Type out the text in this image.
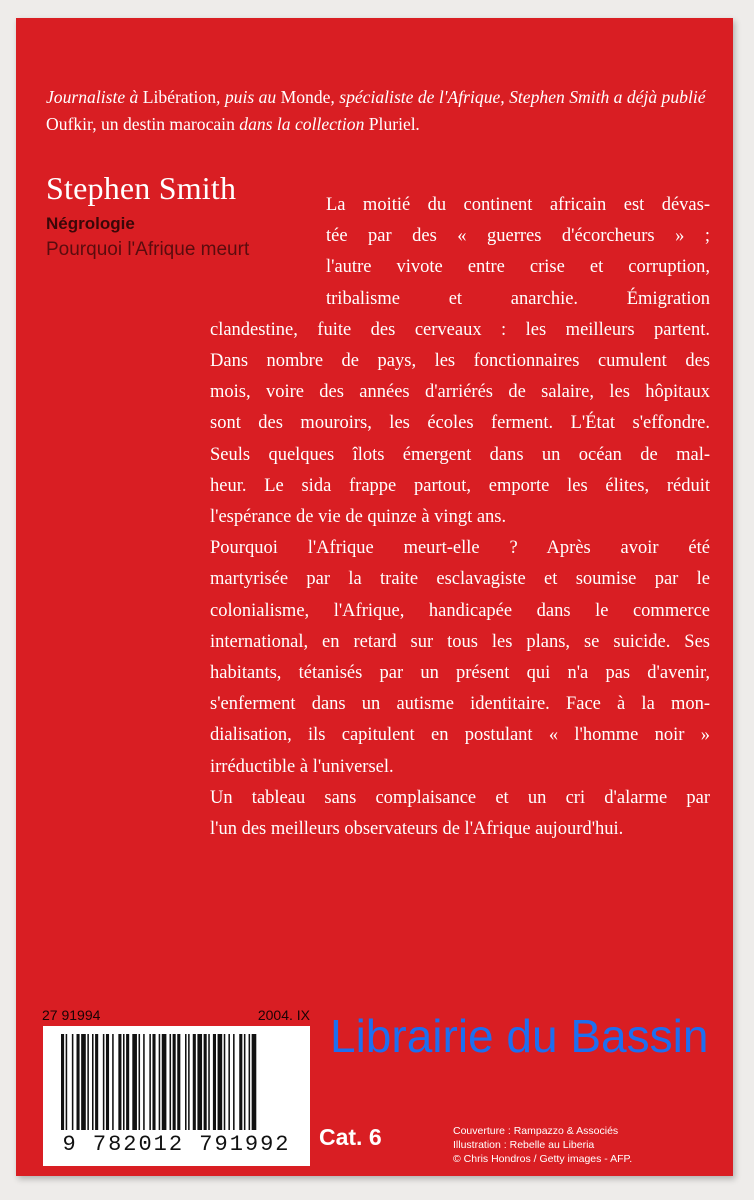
Journaliste à Libération, puis au Monde, spécialiste de l'Afrique, Stephen Smith a déjà publié Oufkir, un destin marocain dans la collection Pluriel.
Stephen Smith
Négrologie
Pourquoi l'Afrique meurt
La moitié du continent africain est dévas-
tée par des « guerres d'écorcheurs » ;
l'autre vivote entre crise et corruption,
tribalisme et anarchie. Émigration
clandestine, fuite des cerveaux : les meilleurs partent.
Dans nombre de pays, les fonctionnaires cumulent des
mois, voire des années d'arriérés de salaire, les hôpitaux
sont des mouroirs, les écoles ferment. L'État s'effondre.
Seuls quelques îlots émergent dans un océan de mal-
heur. Le sida frappe partout, emporte les élites, réduit
l'espérance de vie de quinze à vingt ans.
Pourquoi l'Afrique meurt-elle ? Après avoir été
martyrisée par la traite esclavagiste et soumise par le
colonialisme, l'Afrique, handicapée dans le commerce
international, en retard sur tous les plans, se suicide. Ses
habitants, tétanisés par un présent qui n'a pas d'avenir,
s'enferment dans un autisme identitaire. Face à la mon-
dialisation, ils capitulent en postulant « l'homme noir »
irréductible à l'universel.
Un tableau sans complaisance et un cri d'alarme par
l'un des meilleurs observateurs de l'Afrique aujourd'hui.
27 91994	2004. IX
9 782012 791992	Cat. 6	Couverture : Rampazzo & Associés
Illustration : Rebelle au Liberia
© Chris Hondros / Getty images - AFP.
Librairie du Bassin
